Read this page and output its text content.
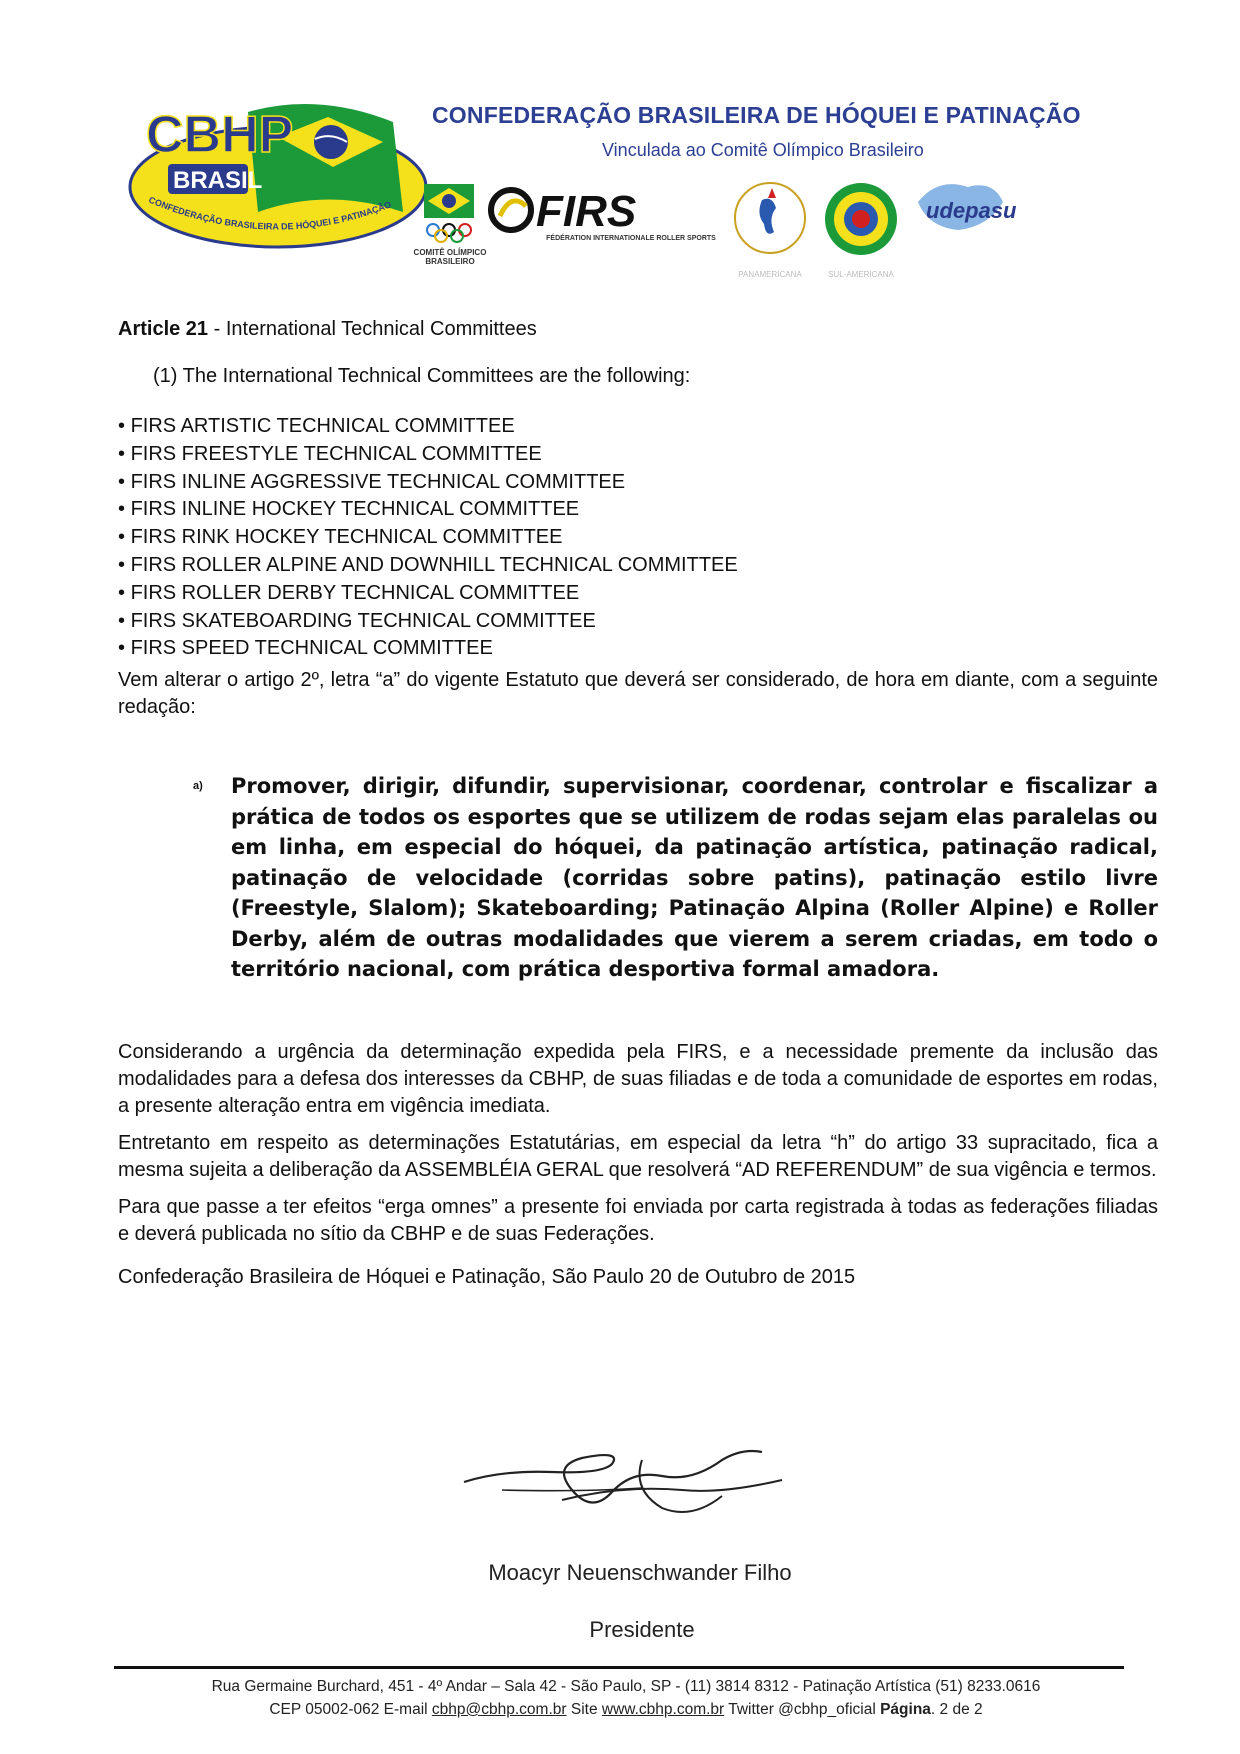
CBHP
BRASIL
CONFEDERAÇÃO BRASILEIRA DE HÓQUEI E PATINAÇÃO
CONFEDERAÇÃO BRASILEIRA DE HÓQUEI E PATINAÇÃO
Vinculada ao Comitê Olímpico Brasileiro
COMITÊ OLÍMPICO
BRASILEIRO
FIRS
FÉDÉRATION INTERNATIONALE ROLLER SPORTS
PANAMERICANA	SUL-AMERICANA
udepasu

Article 21 - International Technical Committees

(1) The International Technical Committees are the following:

• FIRS ARTISTIC TECHNICAL COMMITTEE
• FIRS FREESTYLE TECHNICAL COMMITTEE
• FIRS INLINE AGGRESSIVE TECHNICAL COMMITTEE
• FIRS INLINE HOCKEY TECHNICAL COMMITTEE
• FIRS RINK HOCKEY TECHNICAL COMMITTEE
• FIRS ROLLER ALPINE AND DOWNHILL TECHNICAL COMMITTEE
• FIRS ROLLER DERBY TECHNICAL COMMITTEE
• FIRS SKATEBOARDING TECHNICAL COMMITTEE
• FIRS SPEED TECHNICAL COMMITTEE

Vem alterar o artigo 2º, letra “a” do vigente Estatuto que deverá ser considerado, de hora em diante, com a seguinte redação:

a) Promover, dirigir, difundir, supervisionar, coordenar, controlar e fiscalizar a prática de todos os esportes que se utilizem de rodas sejam elas paralelas ou em linha, em especial do hóquei, da patinação artística, patinação radical, patinação de velocidade (corridas sobre patins), patinação estilo livre (Freestyle, Slalom); Skateboarding; Patinação Alpina (Roller Alpine) e Roller Derby, além de outras modalidades que vierem a serem criadas, em todo o território nacional, com prática desportiva formal amadora.

Considerando a urgência da determinação expedida pela FIRS, e a necessidade premente da inclusão das modalidades para a defesa dos interesses da CBHP, de suas filiadas e de toda a comunidade de esportes em rodas, a presente alteração entra em vigência imediata.

Entretanto em respeito as determinações Estatutárias, em especial da letra “h” do artigo 33 supracitado, fica a mesma sujeita a deliberação da ASSEMBLÉIA GERAL que resolverá “AD REFERENDUM” de sua vigência e termos.

Para que passe a ter efeitos “erga omnes” a presente foi enviada por carta registrada à todas as federações filiadas e deverá publicada no sítio da CBHP e de suas Federações.

Confederação Brasileira de Hóquei e Patinação, São Paulo 20 de Outubro de 2015

Moacyr Neuenschwander Filho
Presidente
Rua Germaine Burchard, 451 - 4º Andar – Sala 42 - São Paulo, SP - (11) 3814 8312 - Patinação Artística (51) 8233.0616
CEP 05002-062 E-mail cbhp@cbhp.com.br Site www.cbhp.com.br Twitter @cbhp_oficial Página. 2 de 2
